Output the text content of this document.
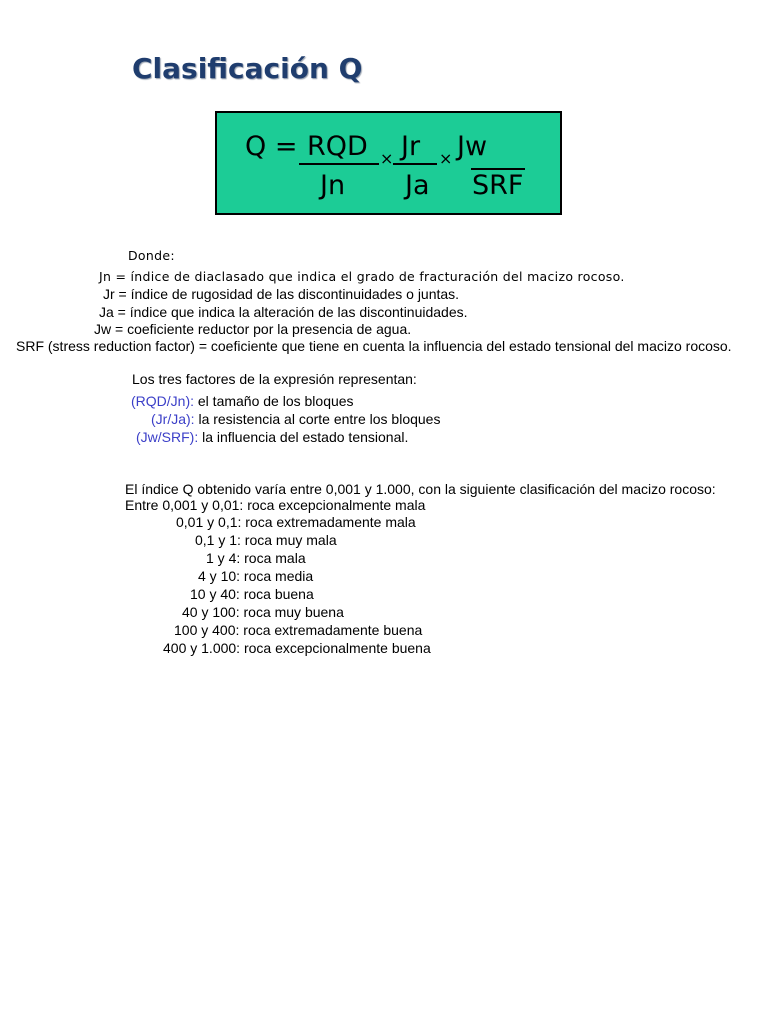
Clasificación Q
Q = RQD
Jn
× Jr
Ja
× Jw
SRF
Donde:
Jn = índice de diaclasado que indica el grado de fracturación del macizo rocoso.
Jr = índice de rugosidad de las discontinuidades o juntas.
Ja = índice que indica la alteración de las discontinuidades.
Jw = coeficiente reductor por la presencia de agua.
SRF (stress reduction factor) = coeficiente que tiene en cuenta la influencia del estado tensional del macizo rocoso.
Los tres factores de la expresión representan:
(RQD/Jn): el tamaño de los bloques
(Jr/Ja): la resistencia al corte entre los bloques
(Jw/SRF): la influencia del estado tensional.
El índice Q obtenido varía entre 0,001 y 1.000, con la siguiente clasificación del macizo rocoso:
Entre 0,001 y 0,01: roca excepcionalmente mala
0,01 y 0,1: roca extremadamente mala
0,1 y 1: roca muy mala
1 y 4: roca mala
4 y 10: roca media
10 y 40: roca buena
40 y 100: roca muy buena
100 y 400: roca extremadamente buena
400 y 1.000: roca excepcionalmente buena
